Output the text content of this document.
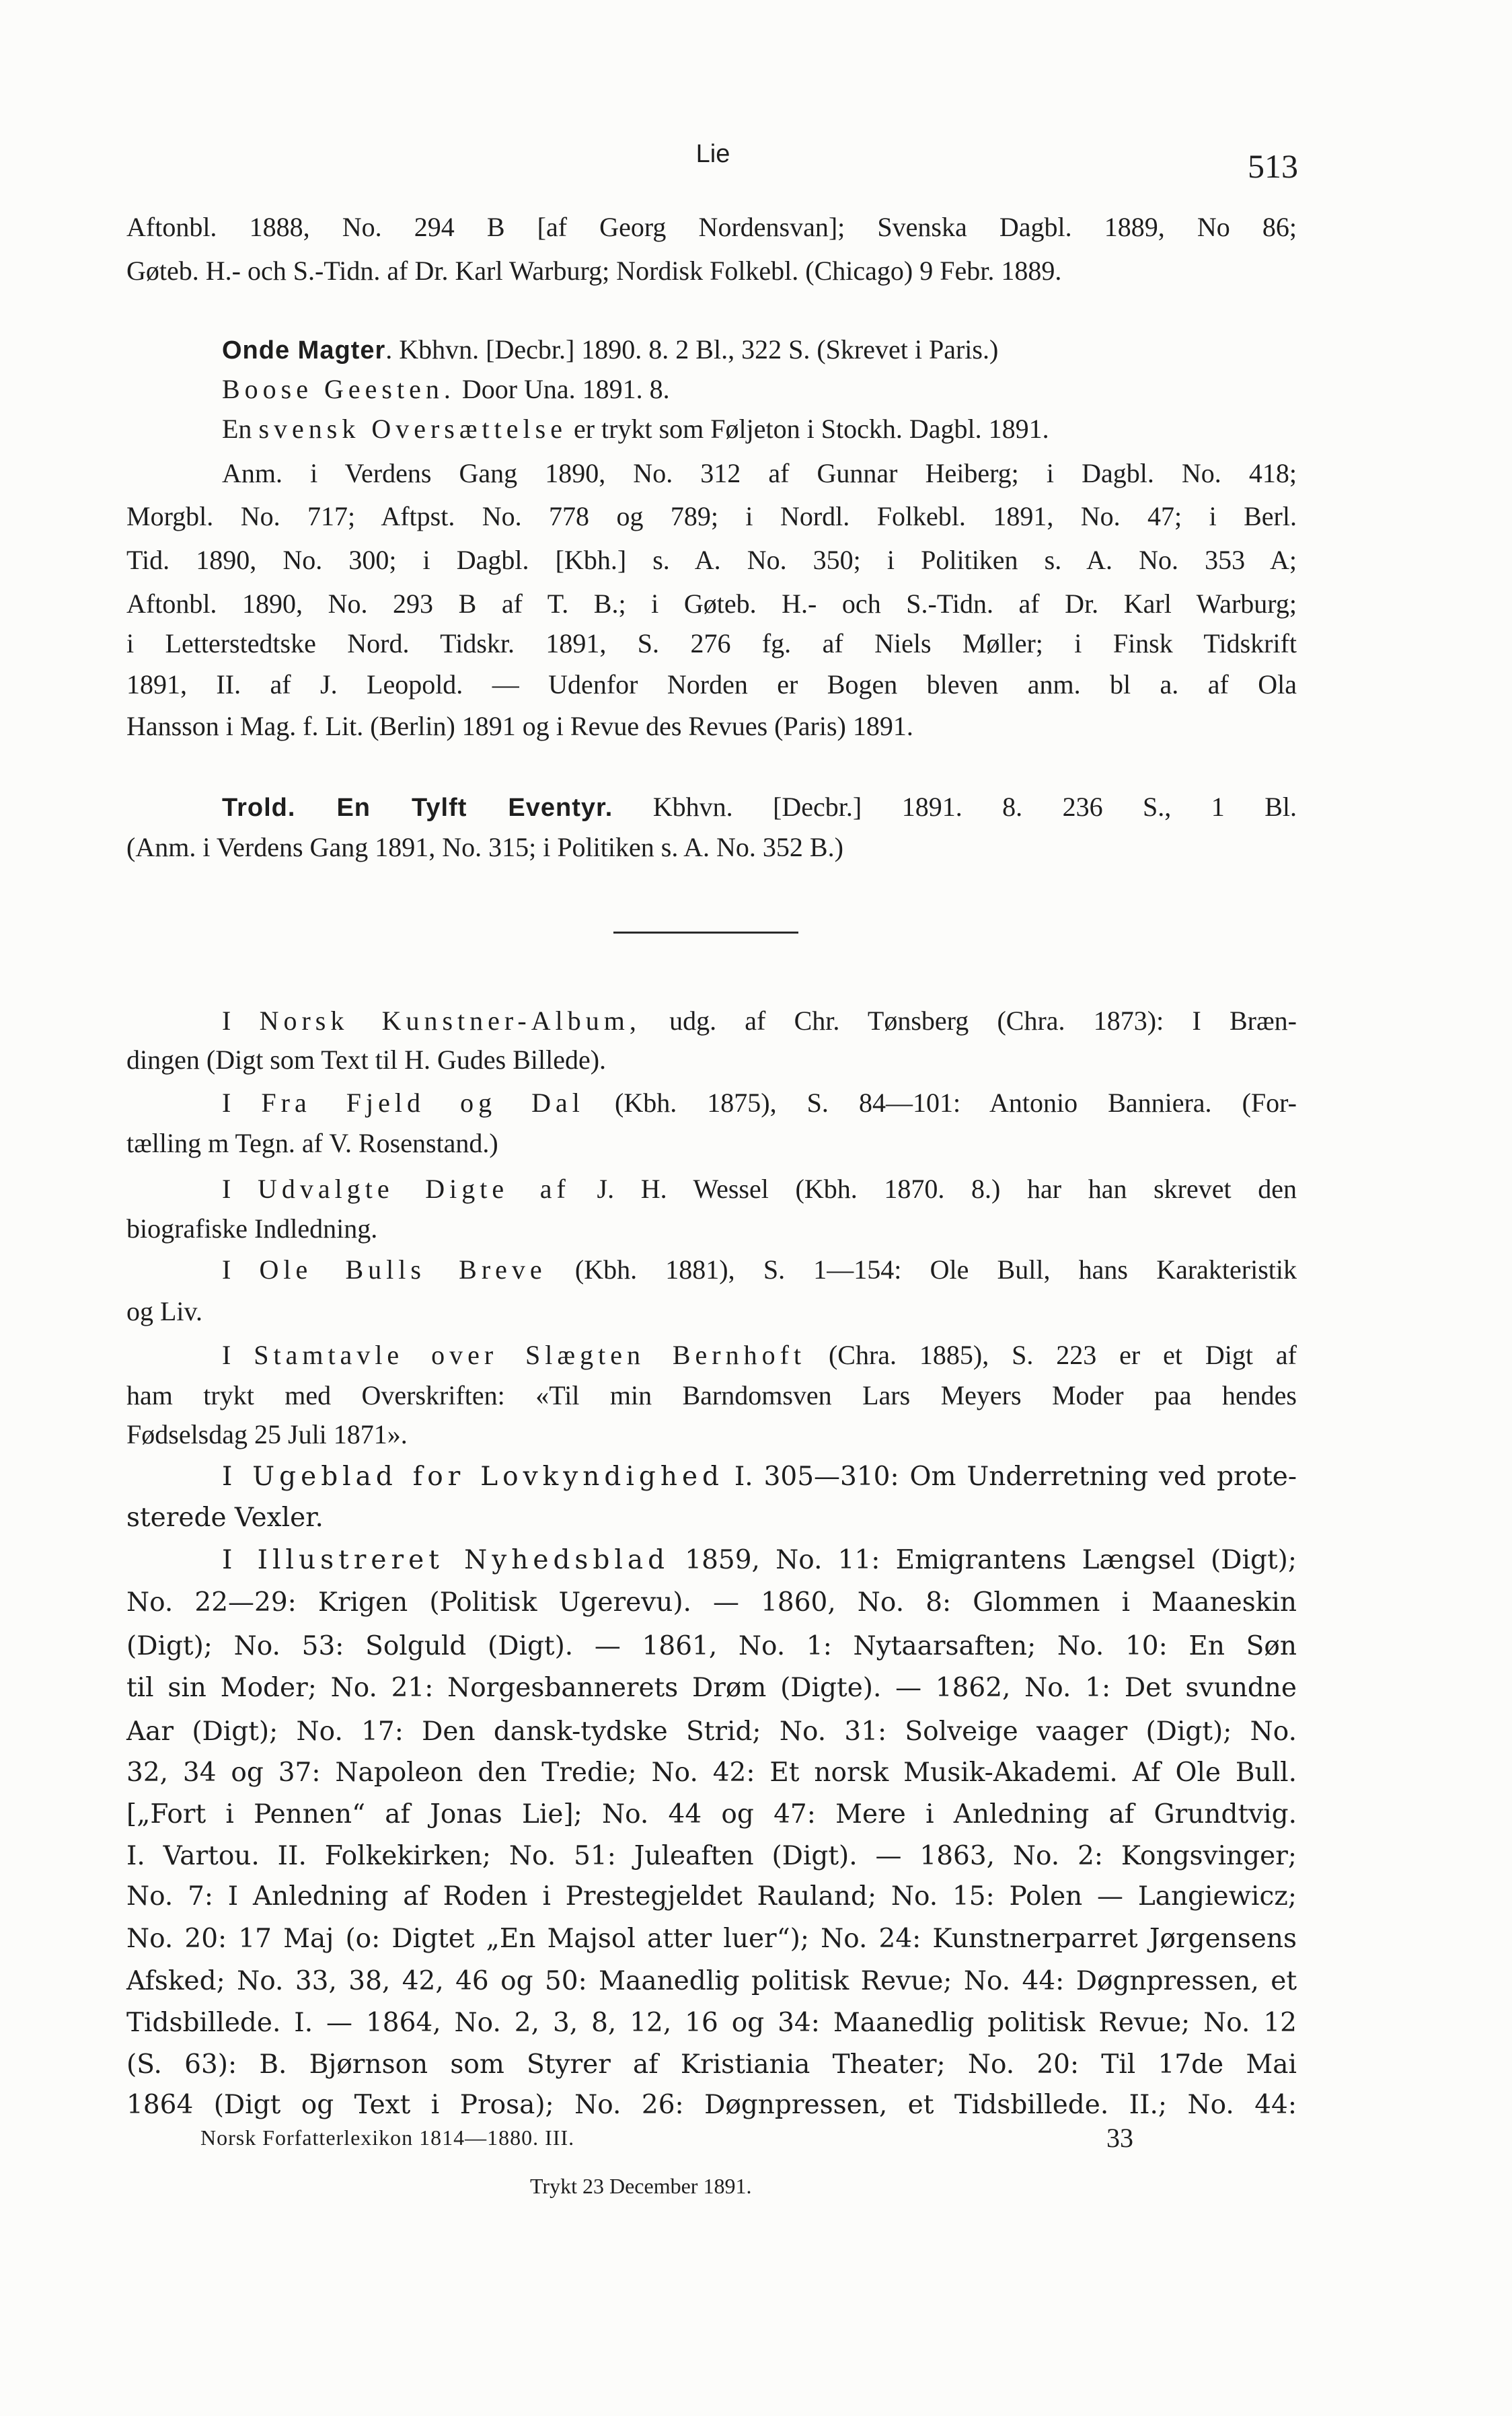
Lie	513
Aftonbl. 1888, No. 294 B [af Georg Nordensvan]; Svenska Dagbl. 1889, No 86;
Gøteb. H.- och S.-Tidn. af Dr. Karl Warburg; Nordisk Folkebl. (Chicago) 9 Febr. 1889.
Onde Magter. Kbhvn. [Decbr.] 1890. 8. 2 Bl., 322 S. (Skrevet i Paris.)
Boose Geesten. Door Una. 1891. 8.
En svensk Oversættelse er trykt som Føljeton i Stockh. Dagbl. 1891.
Anm. i Verdens Gang 1890, No. 312 af Gunnar Heiberg; i Dagbl. No. 418;
Morgbl. No. 717; Aftpst. No. 778 og 789; i Nordl. Folkebl. 1891, No. 47; i Berl.
Tid. 1890, No. 300; i Dagbl. [Kbh.] s. A. No. 350; i Politiken s. A. No. 353 A;
Aftonbl. 1890, No. 293 B af T. B.; i Gøteb. H.- och S.-Tidn. af Dr. Karl Warburg;
i Letterstedtske Nord. Tidskr. 1891, S. 276 fg. af Niels Møller; i Finsk Tidskrift
1891, II. af J. Leopold. — Udenfor Norden er Bogen bleven anm. bl a. af Ola
Hansson i Mag. f. Lit. (Berlin) 1891 og i Revue des Revues (Paris) 1891.
Trold. En Tylft Eventyr. Kbhvn. [Decbr.] 1891. 8. 236 S., 1 Bl.
(Anm. i Verdens Gang 1891, No. 315; i Politiken s. A. No. 352 B.)
I Norsk Kunstner-Album, udg. af Chr. Tønsberg (Chra. 1873): I Bræn-
dingen (Digt som Text til H. Gudes Billede).
I Fra Fjeld og Dal (Kbh. 1875), S. 84—101: Antonio Banniera. (For-
tælling m Tegn. af V. Rosenstand.)
I Udvalgte Digte af J. H. Wessel (Kbh. 1870. 8.) har han skrevet den
biografiske Indledning.
I Ole Bulls Breve (Kbh. 1881), S. 1—154: Ole Bull, hans Karakteristik
og Liv.
I Stamtavle over Slægten Bernhoft (Chra. 1885), S. 223 er et Digt af
ham trykt med Overskriften: «Til min Barndomsven Lars Meyers Moder paa hendes
Fødselsdag 25 Juli 1871».
I Ugeblad for Lovkyndighed I. 305—310: Om Underretning ved prote-
sterede Vexler.
I Illustreret Nyhedsblad 1859, No. 11: Emigrantens Længsel (Digt);
No. 22—29: Krigen (Politisk Ugerevu). — 1860, No. 8: Glommen i Maaneskin
(Digt); No. 53: Solguld (Digt). — 1861, No. 1: Nytaarsaften; No. 10: En Søn
til sin Moder; No. 21: Norgesbannerets Drøm (Digte). — 1862, No. 1: Det svundne
Aar (Digt); No. 17: Den dansk-tydske Strid; No. 31: Solveige vaager (Digt); No.
32, 34 og 37: Napoleon den Tredie; No. 42: Et norsk Musik-Akademi. Af Ole Bull.
[„Fort i Pennen“ af Jonas Lie]; No. 44 og 47: Mere i Anledning af Grundtvig.
I. Vartou. II. Folkekirken; No. 51: Juleaften (Digt). — 1863, No. 2: Kongsvinger;
No. 7: I Anledning af Roden i Prestegjeldet Rauland; No. 15: Polen — Langiewicz;
No. 20: 17 Maj (o: Digtet „En Majsol atter luer“); No. 24: Kunstnerparret Jørgensens
Afsked; No. 33, 38, 42, 46 og 50: Maanedlig politisk Revue; No. 44: Døgnpressen, et
Tidsbillede. I. — 1864, No. 2, 3, 8, 12, 16 og 34: Maanedlig politisk Revue; No. 12
(S. 63): B. Bjørnson som Styrer af Kristiania Theater; No. 20: Til 17de Mai
1864 (Digt og Text i Prosa); No. 26: Døgnpressen, et Tidsbillede. II.; No. 44:
Norsk Forfatterlexikon 1814—1880. III.	33
Trykt 23 December 1891.
